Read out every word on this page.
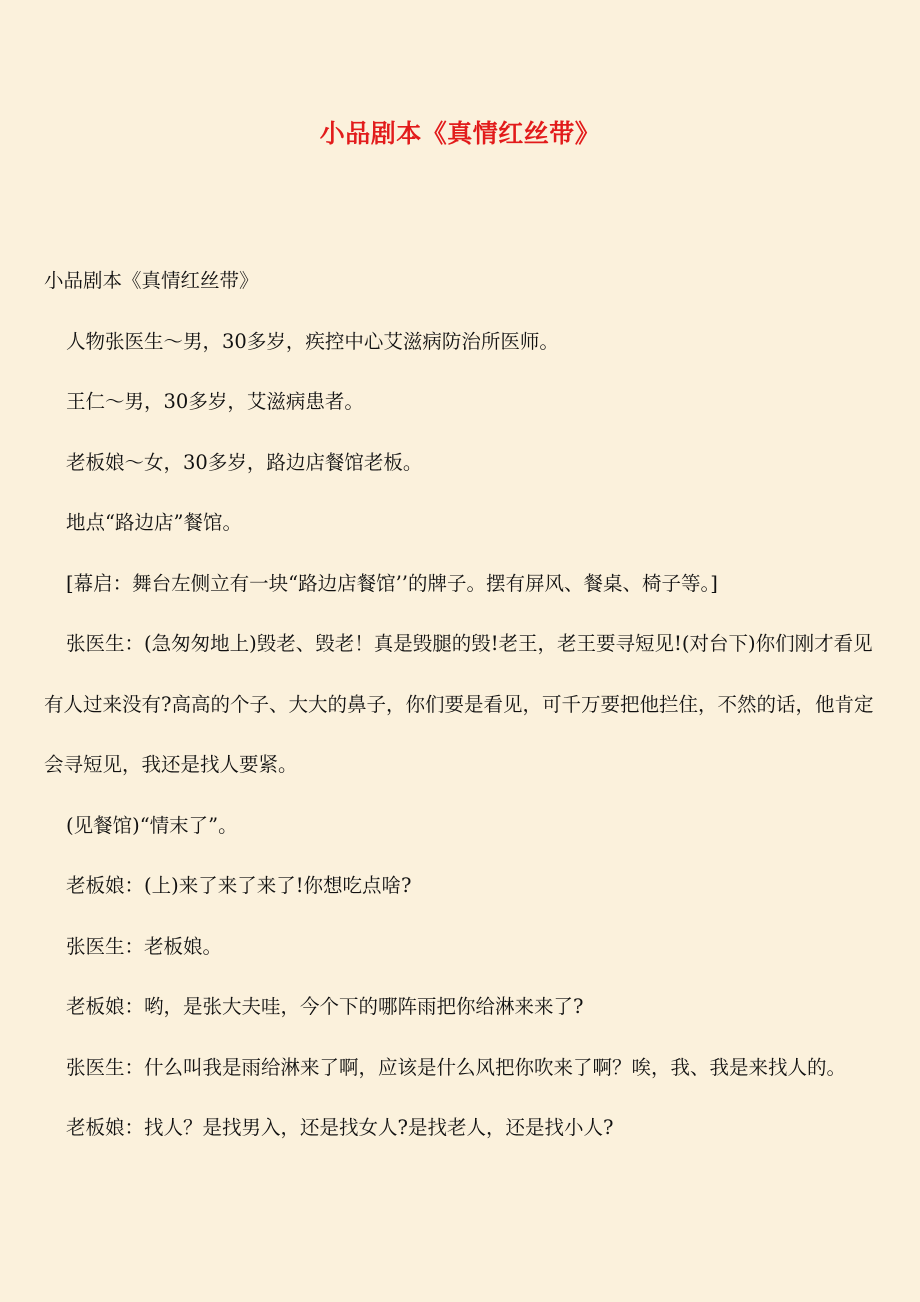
小品剧本《真情红丝带》

小品剧本《真情红丝带》

人物张医生～男，30多岁，疾控中心艾滋病防治所医师。

王仁～男，30多岁，艾滋病患者。

老板娘～女，30多岁，路边店餐馆老板。

地点“路边店”餐馆。

[幕启：舞台左侧立有一块“路边店餐馆’’的牌子。摆有屏风、餐桌、椅子等。]

张医生：(急匆匆地上)毁老、毁老！真是毁腿的毁!老王，老王要寻短见!(对台下)你们刚才看见有人过来没有?高高的个子、大大的鼻子，你们要是看见，可千万要把他拦住，不然的话，他肯定会寻短见，我还是找人要紧。

(见餐馆)“情末了”。

老板娘：(上)来了来了来了!你想吃点啥?

张医生：老板娘。

老板娘：哟，是张大夫哇，今个下的哪阵雨把你给淋来来了?

张医生：什么叫我是雨给淋来了啊，应该是什么风把你吹来了啊？唉，我、我是来找人的。

老板娘：找人？是找男入，还是找女人?是找老人，还是找小人?
